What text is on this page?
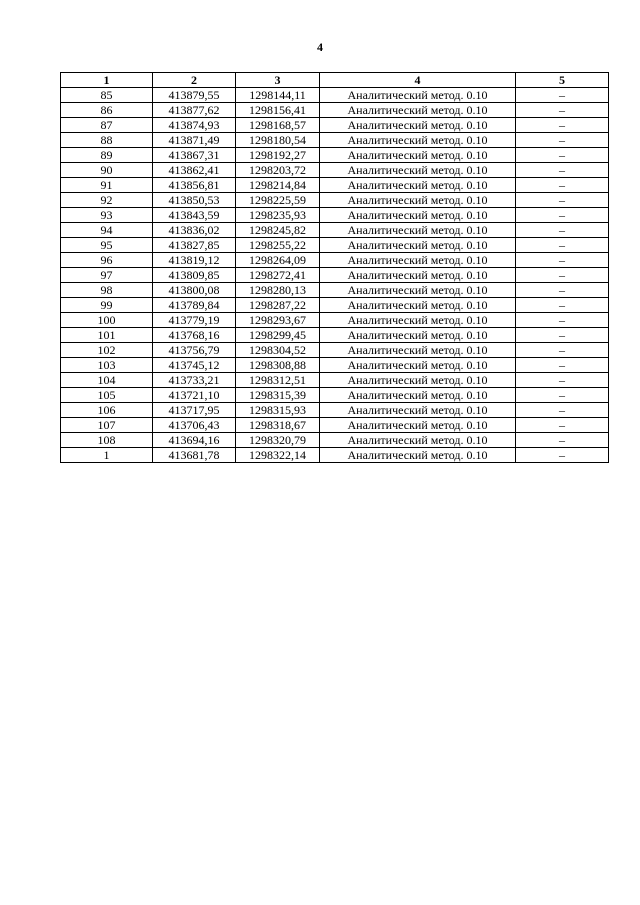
4
1	2	3	4	5
85	413879,55	1298144,11	Аналитический метод. 0.10	–
86	413877,62	1298156,41	Аналитический метод. 0.10	–
87	413874,93	1298168,57	Аналитический метод. 0.10	–
88	413871,49	1298180,54	Аналитический метод. 0.10	–
89	413867,31	1298192,27	Аналитический метод. 0.10	–
90	413862,41	1298203,72	Аналитический метод. 0.10	–
91	413856,81	1298214,84	Аналитический метод. 0.10	–
92	413850,53	1298225,59	Аналитический метод. 0.10	–
93	413843,59	1298235,93	Аналитический метод. 0.10	–
94	413836,02	1298245,82	Аналитический метод. 0.10	–
95	413827,85	1298255,22	Аналитический метод. 0.10	–
96	413819,12	1298264,09	Аналитический метод. 0.10	–
97	413809,85	1298272,41	Аналитический метод. 0.10	–
98	413800,08	1298280,13	Аналитический метод. 0.10	–
99	413789,84	1298287,22	Аналитический метод. 0.10	–
100	413779,19	1298293,67	Аналитический метод. 0.10	–
101	413768,16	1298299,45	Аналитический метод. 0.10	–
102	413756,79	1298304,52	Аналитический метод. 0.10	–
103	413745,12	1298308,88	Аналитический метод. 0.10	–
104	413733,21	1298312,51	Аналитический метод. 0.10	–
105	413721,10	1298315,39	Аналитический метод. 0.10	–
106	413717,95	1298315,93	Аналитический метод. 0.10	–
107	413706,43	1298318,67	Аналитический метод. 0.10	–
108	413694,16	1298320,79	Аналитический метод. 0.10	–
1	413681,78	1298322,14	Аналитический метод. 0.10	–
